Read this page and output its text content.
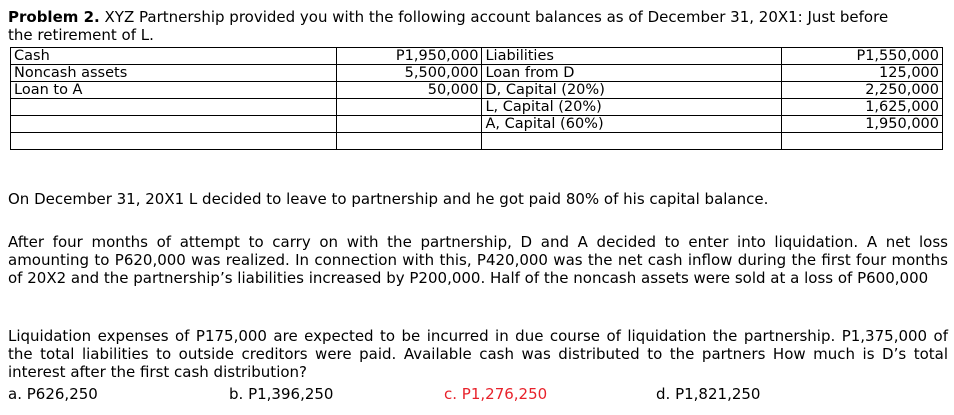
Problem 2. XYZ Partnership provided you with the following account balances as of December 31, 20X1: Just before
the retirement of L.
Cash	P1,950,000	Liabilities	P1,550,000
Noncash assets	5,500,000	Loan from D	125,000
Loan to A	50,000	D, Capital (20%)	2,250,000
		L, Capital (20%)	1,625,000
		A, Capital (60%)	1,950,000

On December 31, 20X1 L decided to leave to partnership and he got paid 80% of his capital balance.

After four months of attempt to carry on with the partnership, D and A decided to enter into liquidation. A net loss amounting to P620,000 was realized. In connection with this, P420,000 was the net cash inflow during the first four months of 20X2 and the partnership’s liabilities increased by P200,000. Half of the noncash assets were sold at a loss of P600,000

Liquidation expenses of P175,000 are expected to be incurred in due course of liquidation the partnership. P1,375,000 of the total liabilities to outside creditors were paid. Available cash was distributed to the partners How much is D’s total interest after the first cash distribution?

a. P626,250	b. P1,396,250	c. P1,276,250	d. P1,821,250
